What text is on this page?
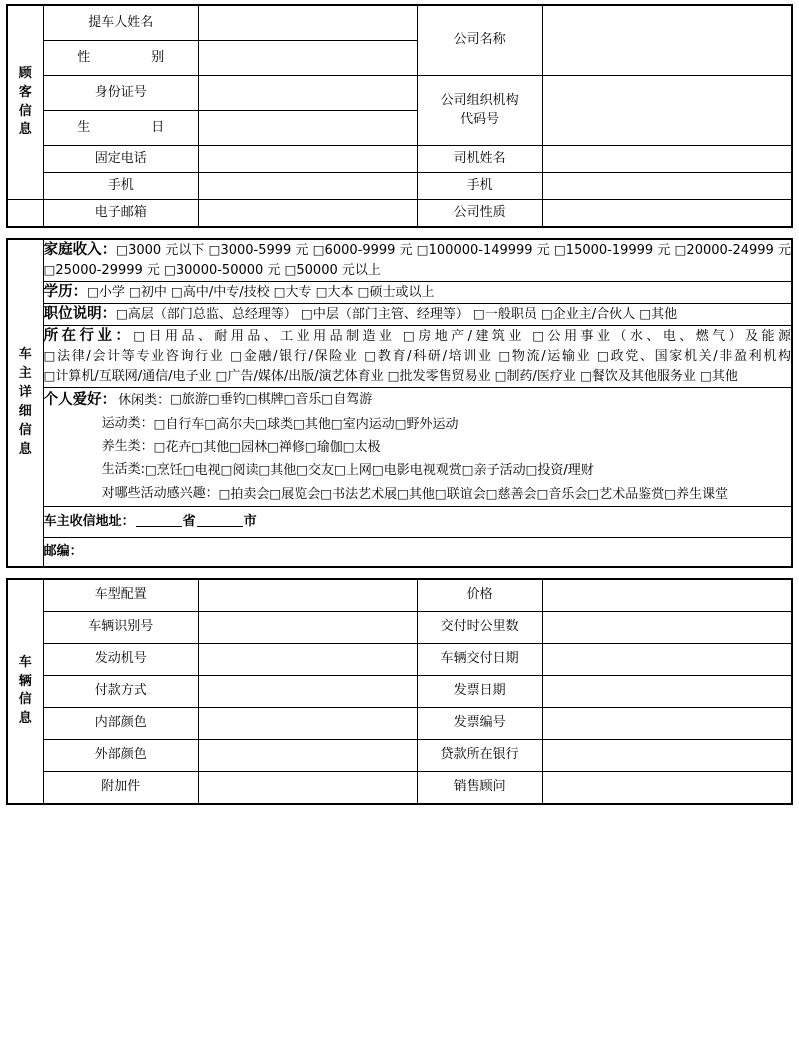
顾
客
信
息	提车人姓名		公司名称	
	性　　别			
	身份证号		公司组织机构
代码号	

	生　　日			
	固定电话		司机姓名	
	手机		手机	
	电子邮箱		公司性质	
车
主
详
细
信
息
	家庭收入：□3000 元以下 □3000-5999 元 □6000-9999 元 □100000-149999 元 □15000-19999 元 □20000-24999 元 □25000-29999 元 □30000-50000 元 □50000 元以上
学历：□小学 □初中 □高中/中专/技校 □大专 □大本 □硕士或以上
职位说明：□高层（部门总监、总经理等） □中层（部门主管、经理等） □一般职员 □企业主/合伙人 □其他
所在行业：□日用品、耐用品、工业用品制造业 □房地产/建筑业 □公用事业（水、电、燃气）及能源 □法律/会计等专业咨询行业 □金融/银行/保险业 □教育/科研/培训业 □物流/运输业 □政党、国家机关/非盈利机构 □计算机/互联网/通信/电子业 □广告/媒体/出版/演艺体育业 □批发零售贸易业 □制药/医疗业 □餐饮及其他服务业 □其他

个人爱好： 休闲类： □旅游□垂钓□棋牌□音乐□自驾游
运动类： □自行车□高尔夫□球类□其他□室内运动□野外运动
养生类： □花卉□其他□园林□禅修□瑜伽□太极
生活类: □烹饪□电视□阅读□其他□交友□上网□电影电视观赏□亲子活动□投资/理财
对哪些活动感兴趣： □拍卖会□展览会□书法艺术展□其他□联谊会□慈善会□音乐会□艺术品鉴赏□养生课堂

车主收信地址：	省	市
邮编：
车
辆
信
息	车型配置		价格	
	车辆识别号		交付时公里数	
	发动机号		车辆交付日期	
	付款方式		发票日期	
	内部颜色		发票编号	
	外部颜色		贷款所在银行	
	附加件		销售顾问	
